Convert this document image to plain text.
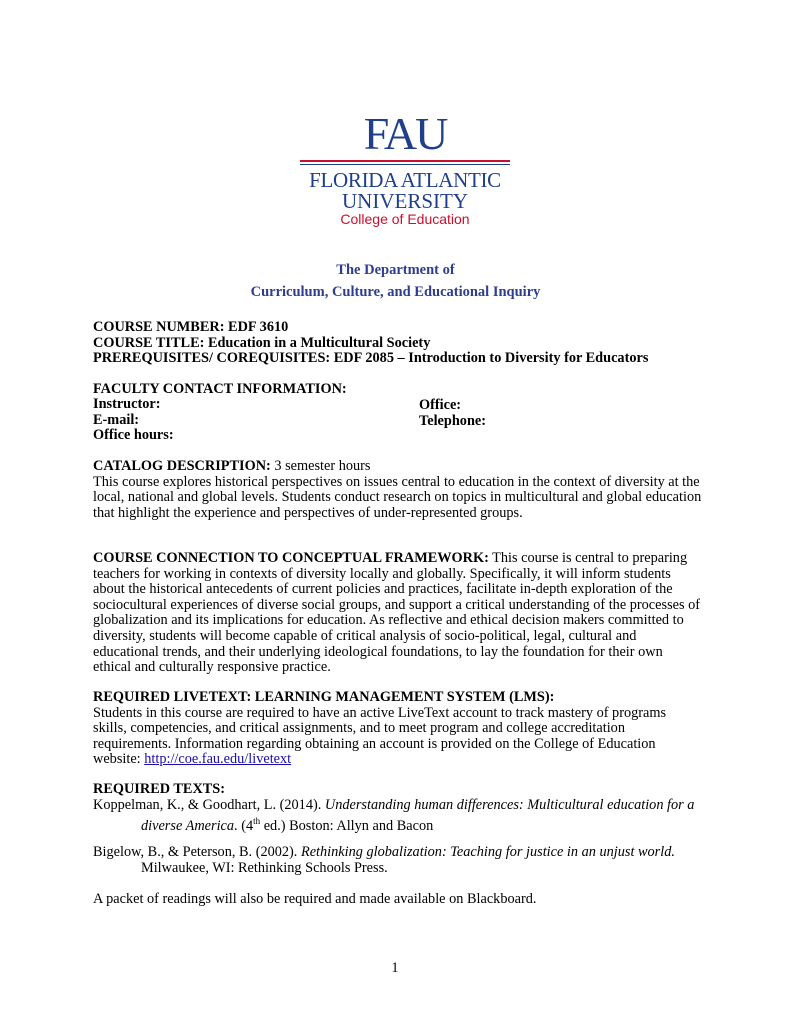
FAU
FLORIDA ATLANTIC
UNIVERSITY
College of Education
The Department of
Curriculum, Culture, and Educational Inquiry
COURSE NUMBER: EDF 3610
COURSE TITLE: Education in a Multicultural Society
PREREQUISITES/ COREQUISITES: EDF 2085 – Introduction to Diversity for Educators
FACULTY CONTACT INFORMATION:
Instructor:	Office:
E-mail:	Telephone:
Office hours:
CATALOG DESCRIPTION: 3 semester hours
This course explores historical perspectives on issues central to education in the context of diversity at the local, national and global levels. Students conduct research on topics in multicultural and global education that highlight the experience and perspectives of under-represented groups.
COURSE CONNECTION TO CONCEPTUAL FRAMEWORK: This course is central to preparing teachers for working in contexts of diversity locally and globally. Specifically, it will inform students about the historical antecedents of current policies and practices, facilitate in-depth exploration of the sociocultural experiences of diverse social groups, and support a critical understanding of the processes of globalization and its implications for education. As reflective and ethical decision makers committed to diversity, students will become capable of critical analysis of socio-political, legal, cultural and educational trends, and their underlying ideological foundations, to lay the foundation for their own ethical and culturally responsive practice.
REQUIRED LIVETEXT: LEARNING MANAGEMENT SYSTEM (LMS):
Students in this course are required to have an active LiveText account to track mastery of programs skills, competencies, and critical assignments, and to meet program and college accreditation requirements. Information regarding obtaining an account is provided on the College of Education website: http://coe.fau.edu/livetext
REQUIRED TEXTS:
Koppelman, K., & Goodhart, L. (2014). Understanding human differences: Multicultural education for a diverse America. (4th ed.) Boston: Allyn and Bacon
Bigelow, B., & Peterson, B. (2002). Rethinking globalization: Teaching for justice in an unjust world. Milwaukee, WI: Rethinking Schools Press.
A packet of readings will also be required and made available on Blackboard.
1
